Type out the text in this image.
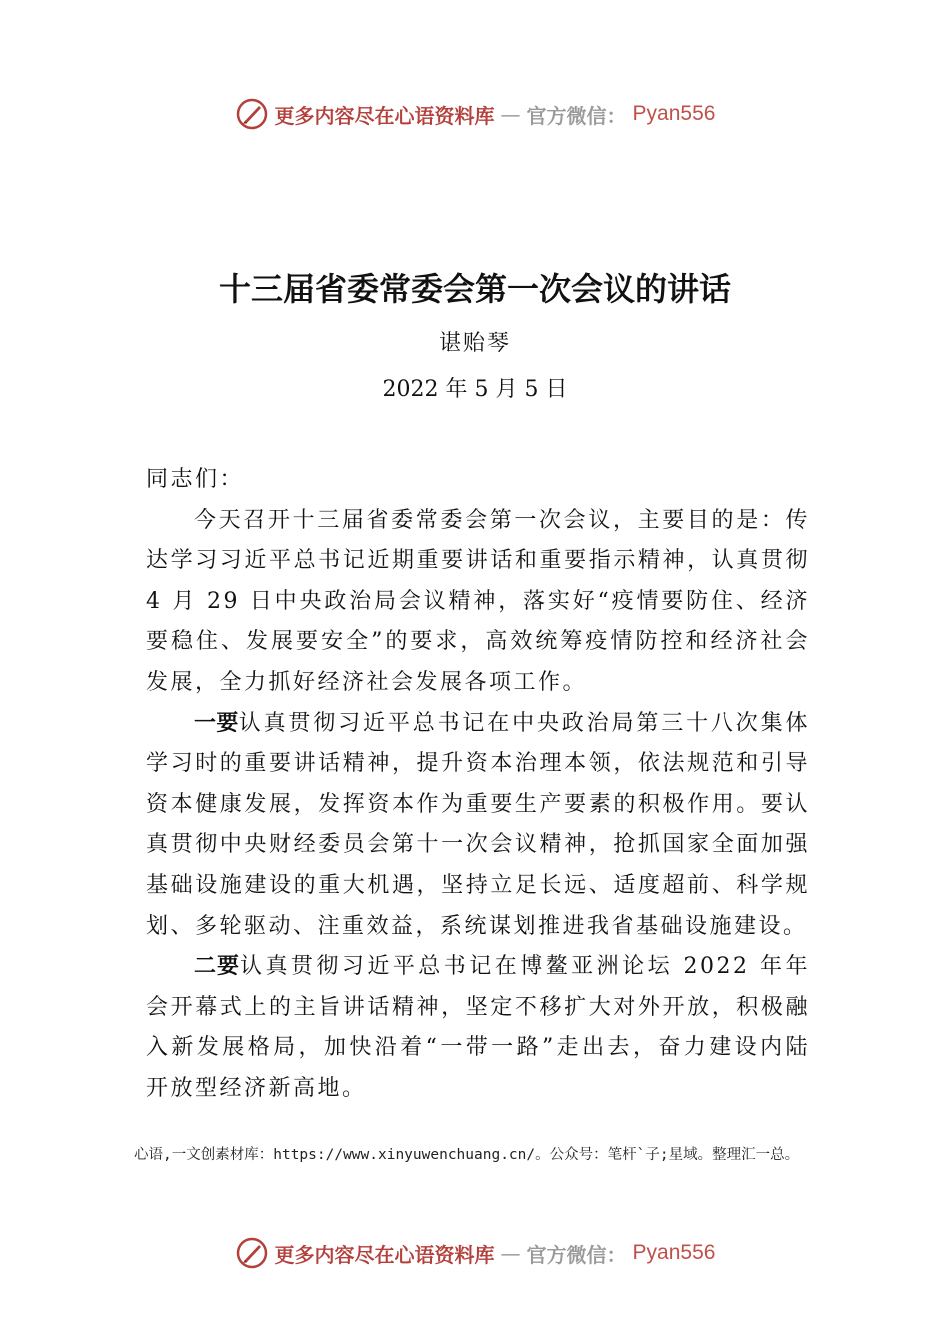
更多内容尽在心语资料库 — 官方微信： Pyan556
十三届省委常委会第一次会议的讲话
谌贻琴
2022 年 5 月 5 日

同志们：

今天召开十三届省委常委会第一次会议，主要目的是：传达学习习近平总书记近期重要讲话和重要指示精神，认真贯彻 4 月 29 日中央政治局会议精神，落实好“疫情要防住、经济要稳住、发展要安全”的要求，高效统筹疫情防控和经济社会发展，全力抓好经济社会发展各项工作。

一要认真贯彻习近平总书记在中央政治局第三十八次集体学习时的重要讲话精神，提升资本治理本领，依法规范和引导资本健康发展，发挥资本作为重要生产要素的积极作用。要认真贯彻中央财经委员会第十一次会议精神，抢抓国家全面加强基础设施建设的重大机遇，坚持立足长远、适度超前、科学规划、多轮驱动、注重效益，系统谋划推进我省基础设施建设。

二要认真贯彻习近平总书记在博鳌亚洲论坛 2022 年年会开幕式上的主旨讲话精神，坚定不移扩大对外开放，积极融入新发展格局，加快沿着“一带一路”走出去，奋力建设内陆开放型经济新高地。

心语,一文创素材库：https://www.xinyuwenchuang.cn/。公众号：笔杆`子;星域。整理汇一总。
更多内容尽在心语资料库 — 官方微信： Pyan556
